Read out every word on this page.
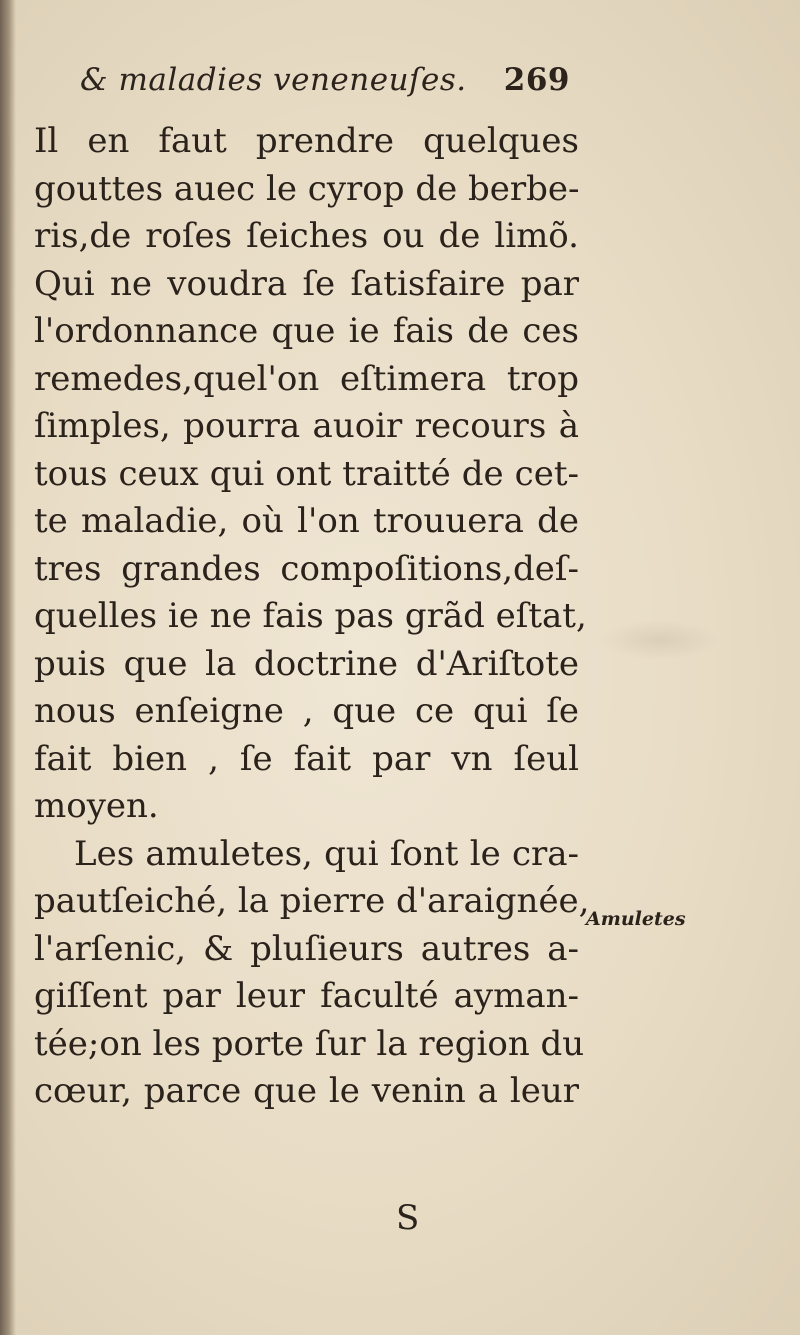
& maladies veneneuſes. 269
Il en faut prendre quelques
gouttes auec le cyrop de berbe-
ris,de roſes ſeiches ou de limõ.
Qui ne voudra ſe ſatisfaire par
l'ordonnance que ie fais de ces
remedes,quel'on eſtimera trop
ſimples, pourra auoir recours à
tous ceux qui ont traitté de cet-
te maladie, où l'on trouuera de
tres grandes compoſitions,deſ-
quelles ie ne fais pas grãd eſtat,
puis que la doctrine d'Ariſtote
nous enſeigne , que ce qui ſe
fait bien , ſe fait par vn ſeul
moyen.
Les amuletes, qui ſont le cra-
pautſeiché, la pierre d'araignée,
l'arſenic, & pluſieurs autres a-
giſſent par leur faculté ayman-
tée;on les porte ſur la region du
cœur, parce que le venin a leur
Amuletes
S
